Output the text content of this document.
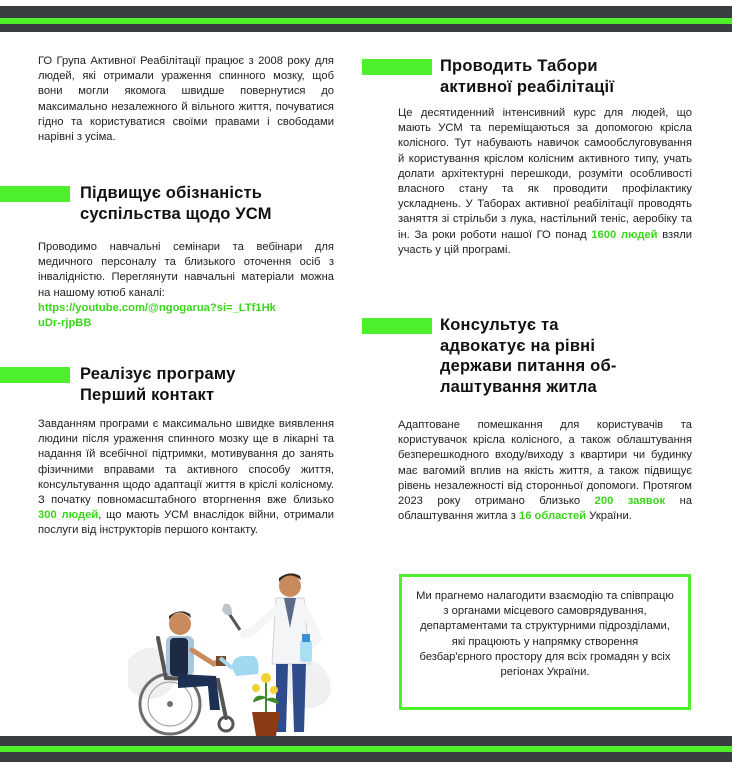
ГО Група Активної Реабілітації працює з 2008 року для людей, які отримали ураження спинного мозку, щоб вони могли якомога швидше повернутися до максимально незалежного й вільного життя, почуватися гідно та користуватися своїми правами і свободами нарівні з усіма.
Підвищує обізнаність
суспільства щодо УСМ

Проводимо навчальні семінари та вебінари для медичного персоналу та близького оточення осіб з інвалідністю. Переглянути навчальні матеріали можна на нашому ютюб каналі:

https://youtube.com/@ngogarua?si=_LTf1Hk
uDr-rjpBB
Реалізує програму
Перший контакт
Завданням програми є максимально швидке виявлення людини після ураження спинного мозку ще в лікарні та надання їй всебічної підтримки, мотивування до занять фізичними вправами та активного способу життя, консультування щодо адаптації життя в кріслі колісному. З початку повномасштабного вторгнення вже близько 300 людей, що мають УСМ внаслідок війни, отримали послуги від інструкторів першого контакту.
Проводить Табори
активної реабілітації
Це десятиденний інтенсивний курс для людей, що мають УСМ та переміщаються за допомогою крісла колісного. Тут набувають навичок самообслуговування й користування кріслом колісним активного типу, учать долати архітектурні перешкоди, розуміти особливості власного стану та як проводити профілактику ускладнень. У Таборах активної реабілітації проводять заняття зі стрільби з лука, настільний теніс, аеробіку та ін. За роки роботи нашої ГО понад 1600 людей взяли участь у цій програмі.
Консультує та
адвокатує на рівні
держави питання об-
лаштування житла
Адаптоване помешкання для користувачів та користувачок крісла колісного, а також облаштування безперешкодного входу/виходу з квартири чи будинку має вагомий вплив на якість життя, а також підвищує рівень незалежності від сторонньої допомоги. Протягом 2023 року отримано близько 200 заявок на облаштування житла з 16 областей України.

Ми прагнемо налагодити взаємодію та співпрацю з органами місцевого самоврядування, департаментами та структурними підрозділами, які працюють у напрямку створення безбар'єрного простору для всіх громадян у всіх регіонах України.
